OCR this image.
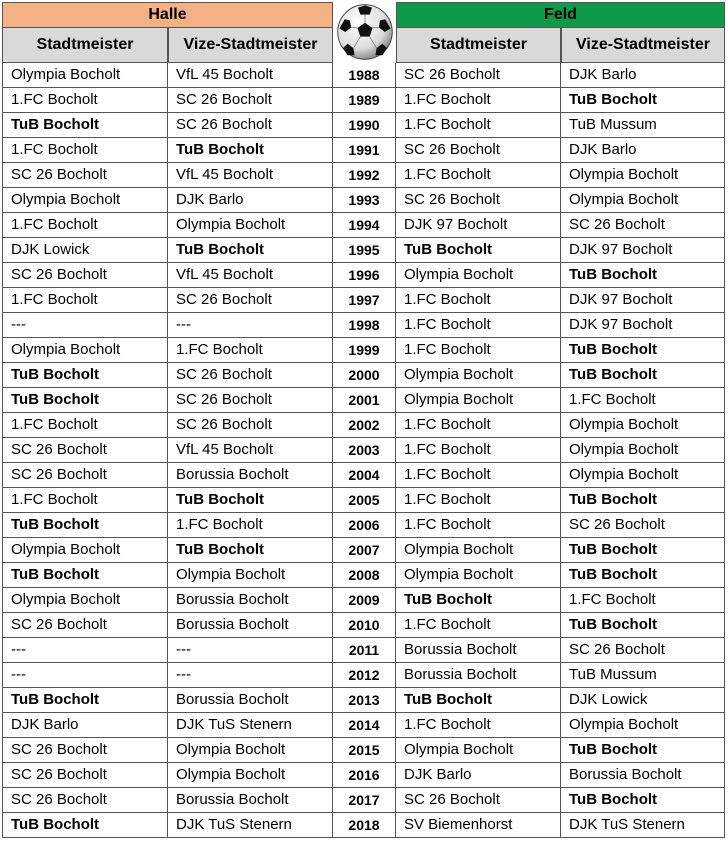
Halle	Feld
Stadtmeister	Vize-Stadtmeister	Stadtmeister	Vize-Stadtmeister
Olympia Bocholt	VfL 45 Bocholt	1988	SC 26 Bocholt	DJK Barlo
1.FC Bocholt	SC 26 Bocholt	1989	1.FC Bocholt	TuB Bocholt
TuB Bocholt	SC 26 Bocholt	1990	1.FC Bocholt	TuB Mussum
1.FC Bocholt	TuB Bocholt	1991	SC 26 Bocholt	DJK Barlo
SC 26 Bocholt	VfL 45 Bocholt	1992	1.FC Bocholt	Olympia Bocholt
Olympia Bocholt	DJK Barlo	1993	SC 26 Bocholt	Olympia Bocholt
1.FC Bocholt	Olympia Bocholt	1994	DJK 97 Bocholt	SC 26 Bocholt
DJK Lowick	TuB Bocholt	1995	TuB Bocholt	DJK 97 Bocholt
SC 26 Bocholt	VfL 45 Bocholt	1996	Olympia Bocholt	TuB Bocholt
1.FC Bocholt	SC 26 Bocholt	1997	1.FC Bocholt	DJK 97 Bocholt
---	---	1998	1.FC Bocholt	DJK 97 Bocholt
Olympia Bocholt	1.FC Bocholt	1999	1.FC Bocholt	TuB Bocholt
TuB Bocholt	SC 26 Bocholt	2000	Olympia Bocholt	TuB Bocholt
TuB Bocholt	SC 26 Bocholt	2001	Olympia Bocholt	1.FC Bocholt
1.FC Bocholt	SC 26 Bocholt	2002	1.FC Bocholt	Olympia Bocholt
SC 26 Bocholt	VfL 45 Bocholt	2003	1.FC Bocholt	Olympia Bocholt
SC 26 Bocholt	Borussia Bocholt	2004	1.FC Bocholt	Olympia Bocholt
1.FC Bocholt	TuB Bocholt	2005	1.FC Bocholt	TuB Bocholt
TuB Bocholt	1.FC Bocholt	2006	1.FC Bocholt	SC 26 Bocholt
Olympia Bocholt	TuB Bocholt	2007	Olympia Bocholt	TuB Bocholt
TuB Bocholt	Olympia Bocholt	2008	Olympia Bocholt	TuB Bocholt
Olympia Bocholt	Borussia Bocholt	2009	TuB Bocholt	1.FC Bocholt
SC 26 Bocholt	Borussia Bocholt	2010	1.FC Bocholt	TuB Bocholt
---	---	2011	Borussia Bocholt	SC 26 Bocholt
---	---	2012	Borussia Bocholt	TuB Mussum
TuB Bocholt	Borussia Bocholt	2013	TuB Bocholt	DJK Lowick
DJK Barlo	DJK TuS Stenern	2014	1.FC Bocholt	Olympia Bocholt
SC 26 Bocholt	Olympia Bocholt	2015	Olympia Bocholt	TuB Bocholt
SC 26 Bocholt	Olympia Bocholt	2016	DJK Barlo	Borussia Bocholt
SC 26 Bocholt	Borussia Bocholt	2017	SC 26 Bocholt	TuB Bocholt
TuB Bocholt	DJK TuS Stenern	2018	SV Biemenhorst	DJK TuS Stenern
